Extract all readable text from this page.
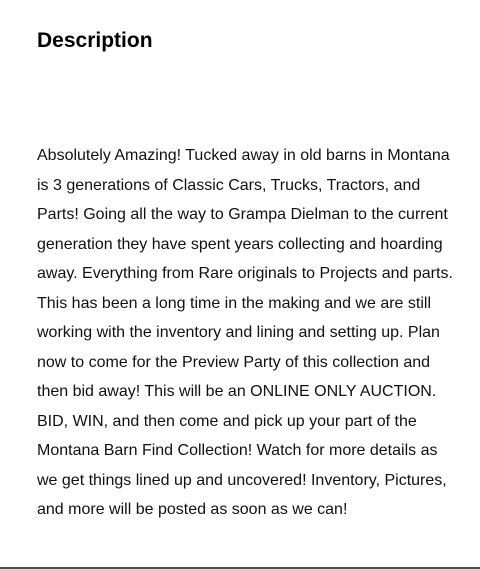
Description

Absolutely Amazing! Tucked away in old barns in Montana
is 3 generations of Classic Cars, Trucks, Tractors, and
Parts! Going all the way to Grampa Dielman to the current
generation they have spent years collecting and hoarding
away. Everything from Rare originals to Projects and parts.
This has been a long time in the making and we are still
working with the inventory and lining and setting up. Plan
now to come for the Preview Party of this collection and
then bid away! This will be an ONLINE ONLY AUCTION.
BID, WIN, and then come and pick up your part of the
Montana Barn Find Collection! Watch for more details as
we get things lined up and uncovered! Inventory, Pictures,
and more will be posted as soon as we can!
